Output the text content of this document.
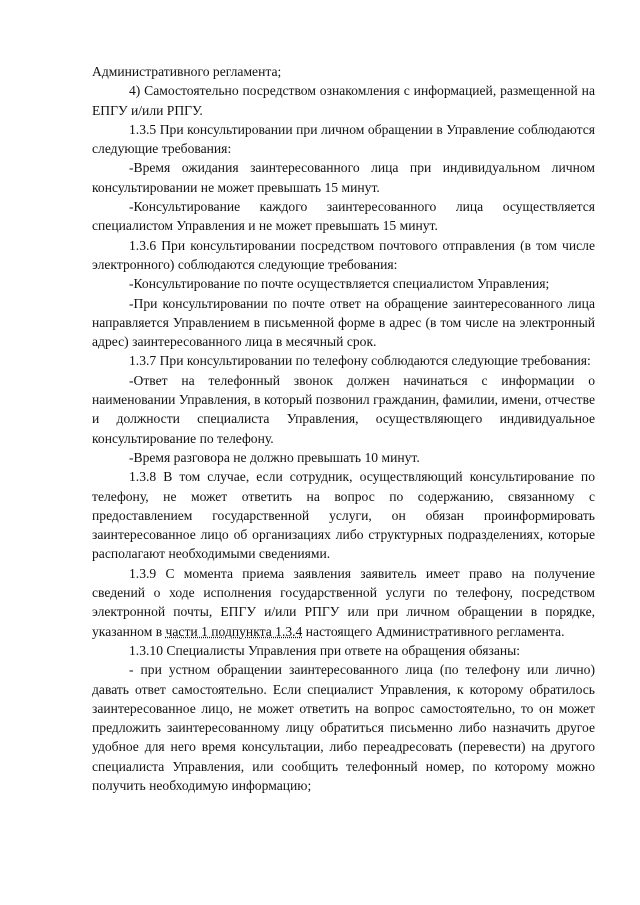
Административного регламента;

4) Самостоятельно посредством ознакомления с информацией, размещенной на ЕПГУ и/или РПГУ.

1.3.5 При консультировании при личном обращении в Управление соблюдаются следующие требования:

-Время ожидания заинтересованного лица при индивидуальном личном консультировании не может превышать 15 минут.

-Консультирование каждого заинтересованного лица осуществляется специалистом Управления и не может превышать 15 минут.

1.3.6 При консультировании посредством почтового отправления (в том числе электронного) соблюдаются следующие требования:

-Консультирование по почте осуществляется специалистом Управления;

-При консультировании по почте ответ на обращение заинтересованного лица направляется Управлением в письменной форме в адрес (в том числе на электронный адрес) заинтересованного лица в месячный срок.

1.3.7 При консультировании по телефону соблюдаются следующие требования:

-Ответ на телефонный звонок должен начинаться с информации о наименовании Управления, в который позвонил гражданин, фамилии, имени, отчестве и должности специалиста Управления, осуществляющего индивидуальное консультирование по телефону.

-Время разговора не должно превышать 10 минут.

1.3.8 В том случае, если сотрудник, осуществляющий консультирование по телефону, не может ответить на вопрос по содержанию, связанному с предоставлением государственной услуги, он обязан проинформировать заинтересованное лицо об организациях либо структурных подразделениях, которые располагают необходимыми сведениями.

1.3.9 С момента приема заявления заявитель имеет право на получение сведений о ходе исполнения государственной услуги по телефону, посредством электронной почты, ЕПГУ и/или РПГУ или при личном обращении в порядке, указанном в части 1 подпункта 1.3.4 настоящего Административного регламента.

1.3.10 Специалисты Управления при ответе на обращения обязаны:

- при устном обращении заинтересованного лица (по телефону или лично) давать ответ самостоятельно. Если специалист Управления, к которому обратилось заинтересованное лицо, не может ответить на вопрос самостоятельно, то он может предложить заинтересованному лицу обратиться письменно либо назначить другое удобное для него время консультации, либо переадресовать (перевести) на другого специалиста Управления, или сообщить телефонный номер, по которому можно получить необходимую информацию;
